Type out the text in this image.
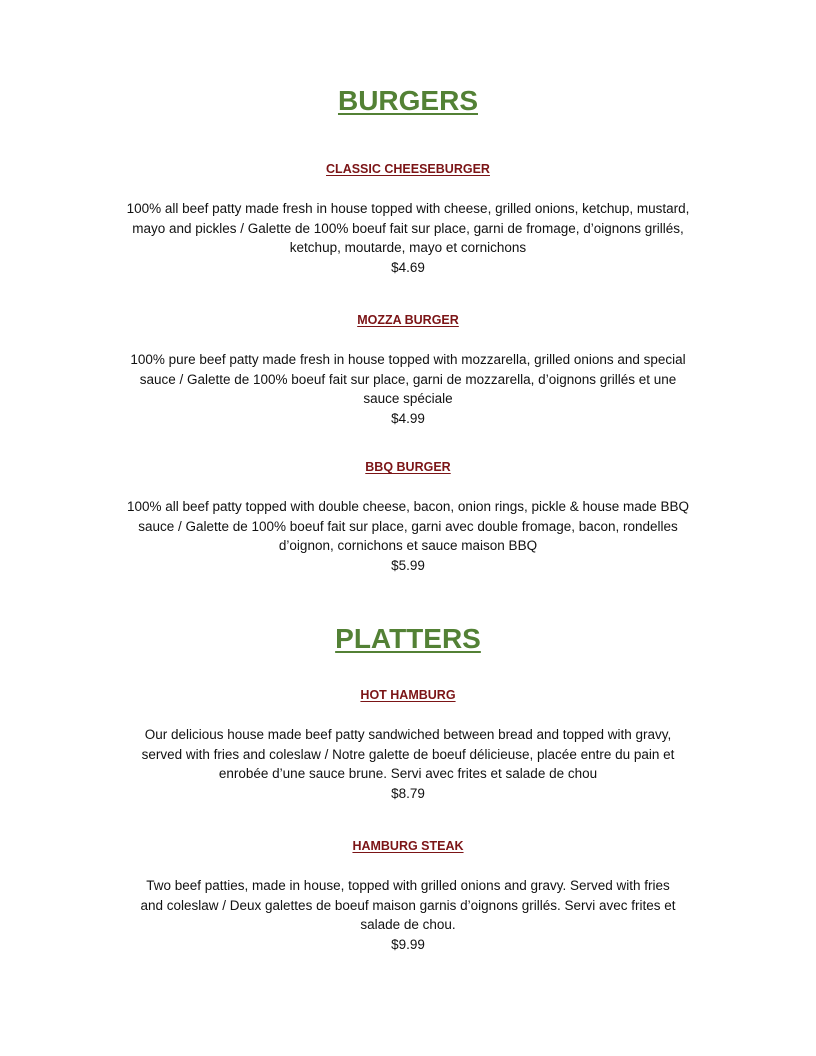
BURGERS

CLASSIC CHEESEBURGER

100% all beef patty made fresh in house topped with cheese, grilled onions, ketchup, mustard, mayo and pickles / Galette de 100% boeuf fait sur place, garni de fromage, d’oignons grillés, ketchup, moutarde, mayo et cornichons

$4.69

MOZZA BURGER

100% pure beef patty made fresh in house topped with mozzarella, grilled onions and special sauce / Galette de 100% boeuf fait sur place, garni de mozzarella, d’oignons grillés et une sauce spéciale

$4.99

BBQ BURGER

100% all beef patty topped with double cheese, bacon, onion rings, pickle & house made BBQ sauce / Galette de 100% boeuf fait sur place, garni avec double fromage, bacon, rondelles d’oignon, cornichons et sauce maison BBQ

$5.99

PLATTERS

HOT HAMBURG

Our delicious house made beef patty sandwiched between bread and topped with gravy, served with fries and coleslaw / Notre galette de boeuf délicieuse, placée entre du pain et enrobée d’une sauce brune. Servi avec frites et salade de chou

$8.79

HAMBURG STEAK

Two beef patties, made in house, topped with grilled onions and gravy. Served with fries and coleslaw / Deux galettes de boeuf maison garnis d’oignons grillés. Servi avec frites et salade de chou.

$9.99
